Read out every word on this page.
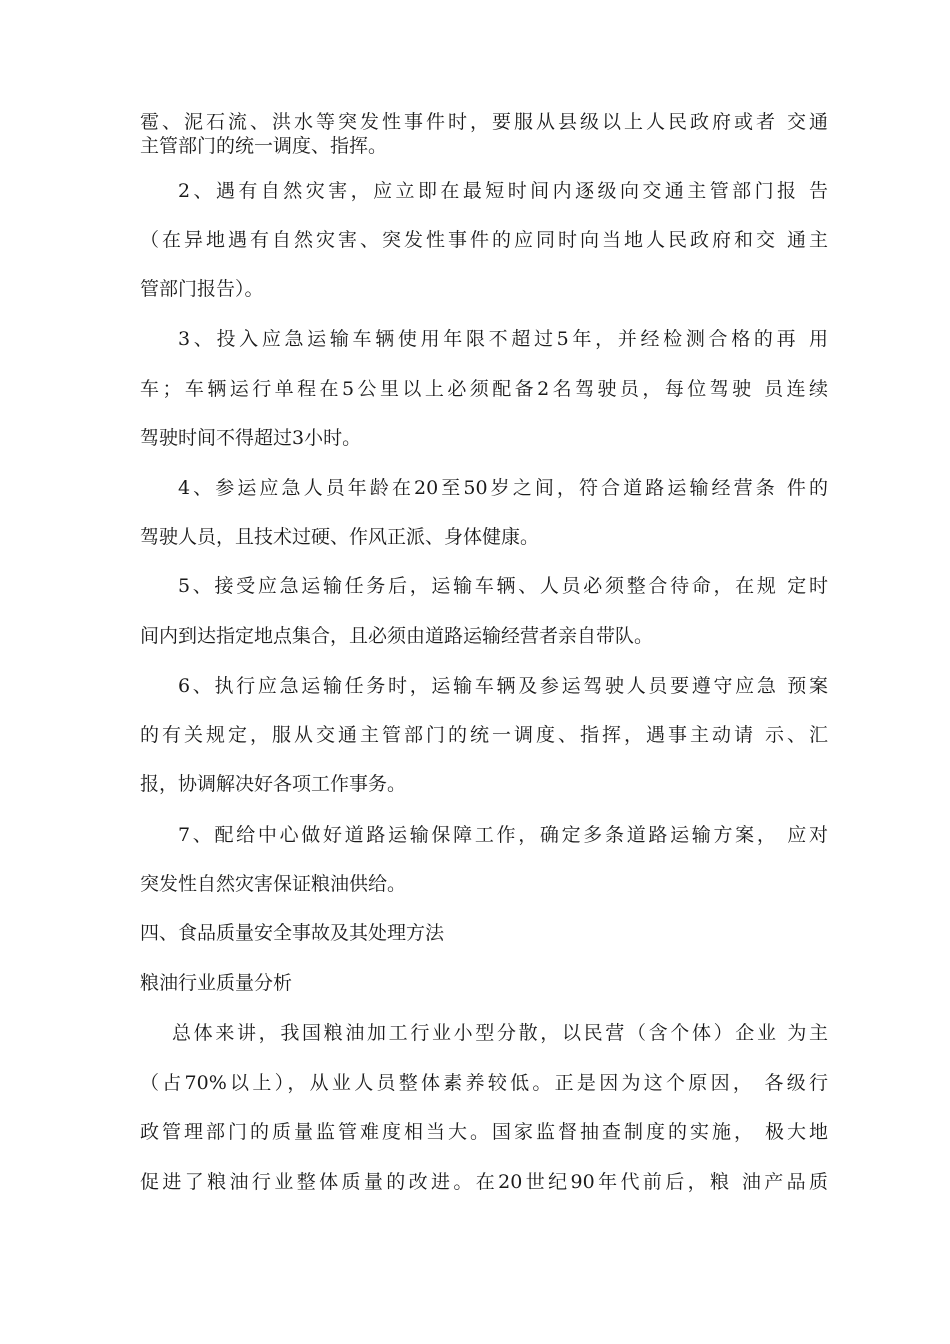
雹、泥石流、洪水等突发性事件时，要服从县级以上人民政府或者 交通
主管部门的统一调度、指挥。
2、遇有自然灾害，应立即在最短时间内逐级向交通主管部门报 告
（在异地遇有自然灾害、突发性事件的应同时向当地人民政府和交 通主
管部门报告）。
3、投入应急运输车辆使用年限不超过5年，并经检测合格的再 用
车；车辆运行单程在5公里以上必须配备2名驾驶员，每位驾驶 员连续
驾驶时间不得超过3小时。
4、参运应急人员年龄在20至50岁之间，符合道路运输经营条 件的
驾驶人员，且技术过硬、作风正派、身体健康。
5、接受应急运输任务后，运输车辆、人员必须整合待命，在规 定时
间内到达指定地点集合，且必须由道路运输经营者亲自带队。
6、执行应急运输任务时，运输车辆及参运驾驶人员要遵守应急 预案
的有关规定，服从交通主管部门的统一调度、指挥，遇事主动请 示、汇
报，协调解决好各项工作事务。
7、配给中心做好道路运输保障工作，确定多条道路运输方案， 应对
突发性自然灾害保证粮油供给。
四、食品质量安全事故及其处理方法
粮油行业质量分析
总体来讲，我国粮油加工行业小型分散，以民营（含个体）企业 为主
（占70%以上），从业人员整体素养较低。正是因为这个原因， 各级行
政管理部门的质量监管难度相当大。国家监督抽查制度的实施， 极大地
促进了粮油行业整体质量的改进。在20世纪90年代前后，粮 油产品质
